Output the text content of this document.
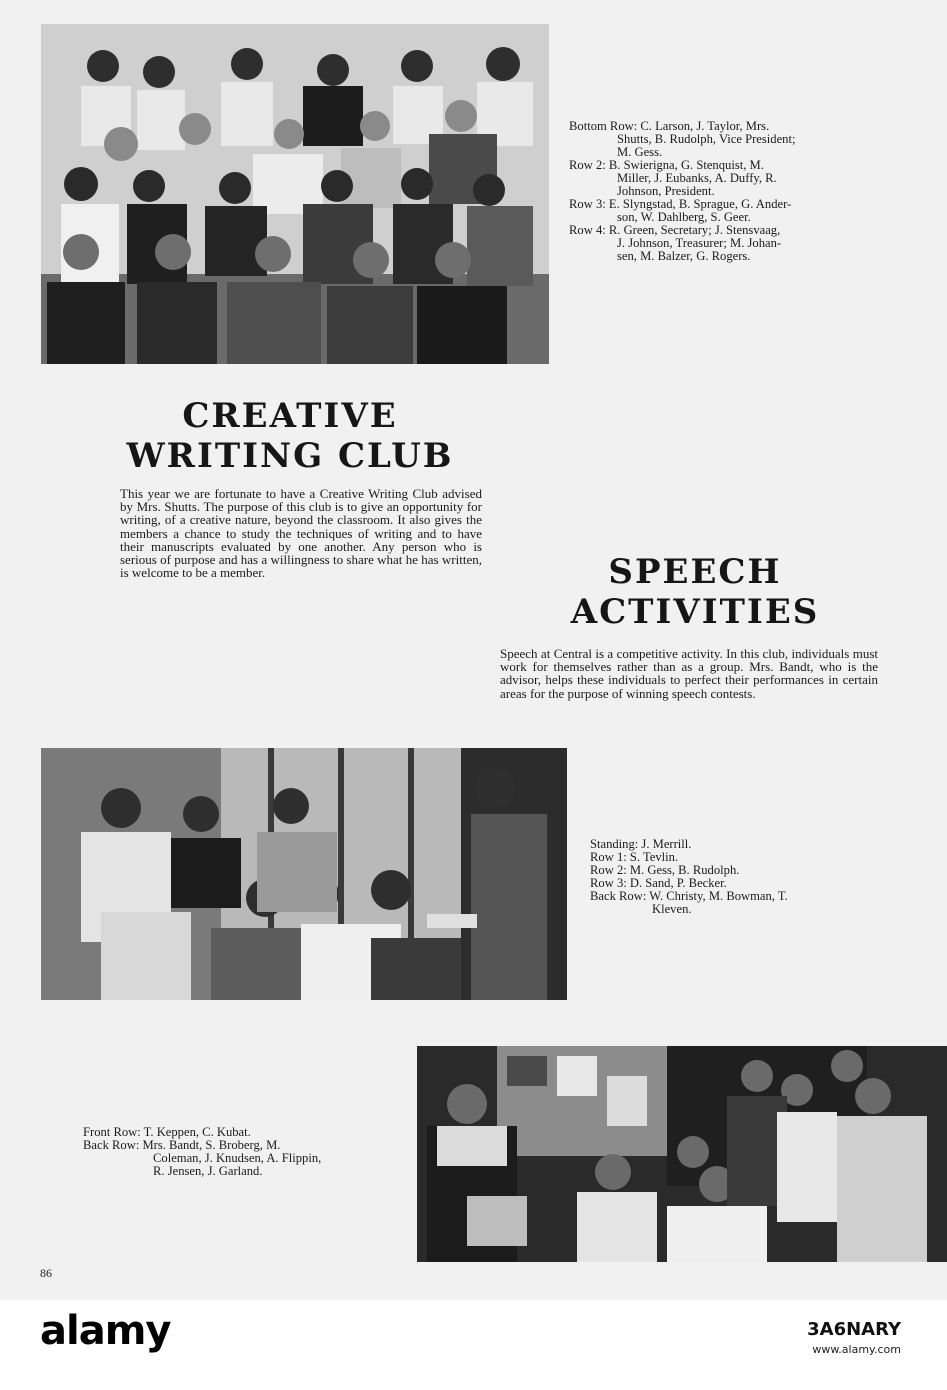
Bottom Row: C. Larson, J. Taylor, Mrs.
Shutts, B. Rudolph, Vice President;
M. Gess.
Row 2: B. Swierigna, G. Stenquist, M.
Miller, J. Eubanks, A. Duffy, R.
Johnson, President.
Row 3: E. Slyngstad, B. Sprague, G. Ander-
son, W. Dahlberg, S. Geer.
Row 4: R. Green, Secretary; J. Stensvaag,
J. Johnson, Treasurer; M. Johan-
sen, M. Balzer, G. Rogers.
CREATIVE
WRITING CLUB
This year we are fortunate to have a Creative Writing Club advised by Mrs. Shutts. The purpose of this club is to give an opportunity for writing, of a creative nature, beyond the classroom. It also gives the members a chance to study the techniques of writing and to have their manuscripts evaluated by one another. Any person who is serious of purpose and has a willingness to share what he has written, is welcome to be a member.	SPEECH
ACTIVITIES
Speech at Central is a competitive activity. In this club, individuals must work for themselves rather than as a group. Mrs. Bandt, who is the advisor, helps these individuals to perfect their performances in certain areas for the purpose of winning speech contests.
Standing: J. Merrill.
Row 1: S. Tevlin.
Row 2: M. Gess, B. Rudolph.
Row 3: D. Sand, P. Becker.
Back Row: W. Christy, M. Bowman, T.
Kleven.
Front Row: T. Keppen, C. Kubat.
Back Row: Mrs. Bandt, S. Broberg, M.
Coleman, J. Knudsen, A. Flippin,
R. Jensen, J. Garland.
86
alamy	3A6NARY
www.alamy.com
